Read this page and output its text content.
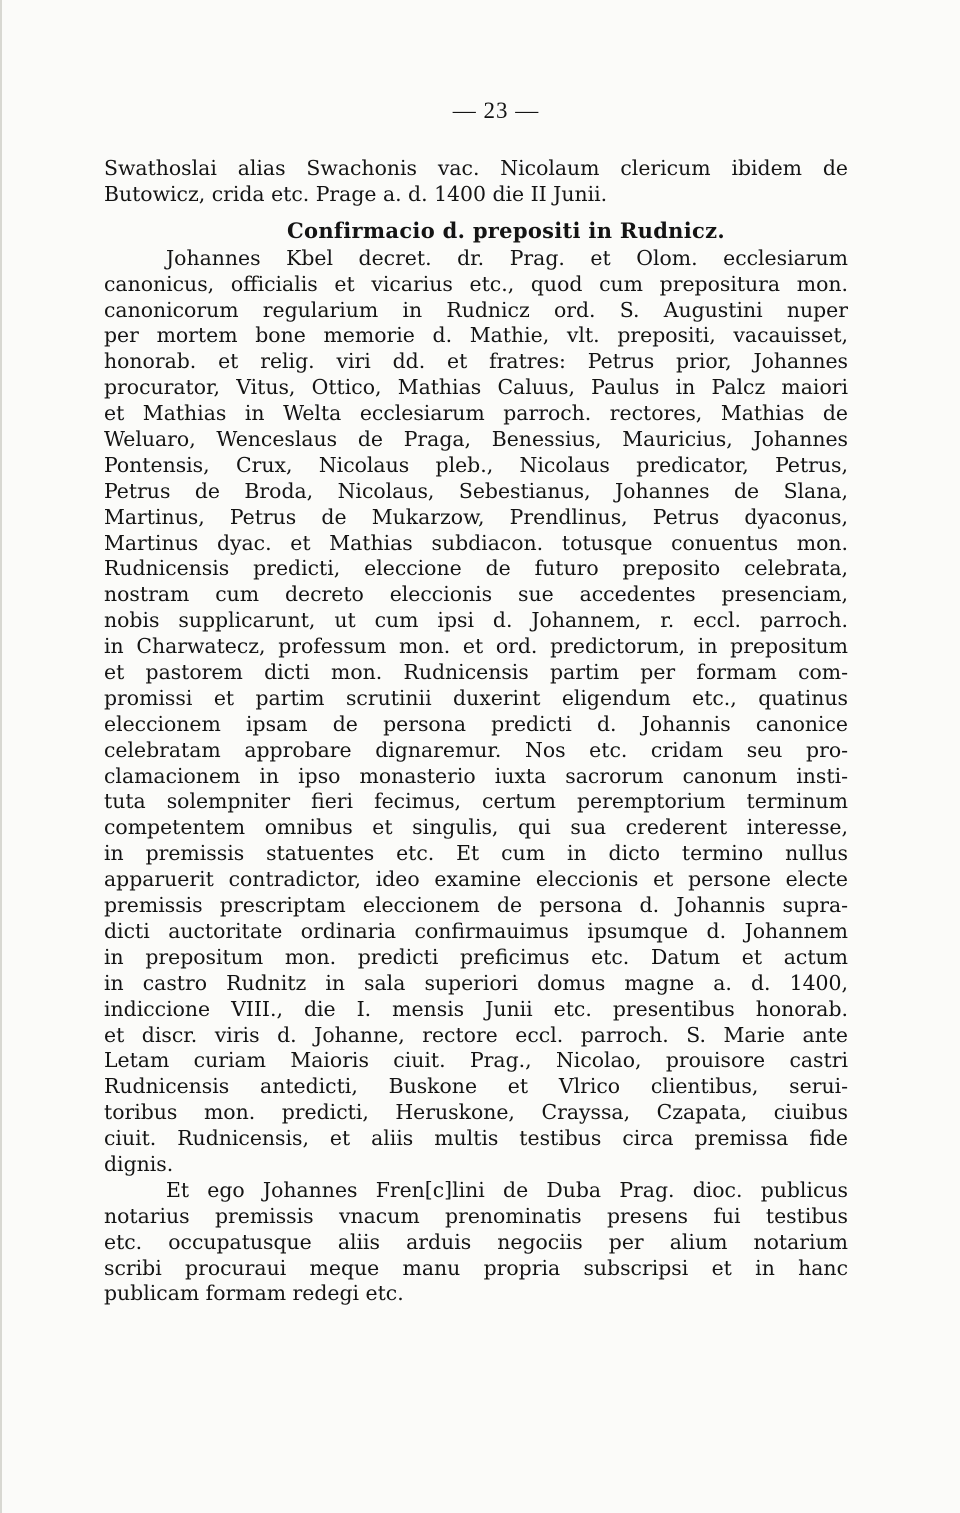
— 23 —
Swathoslai alias Swachonis vac. Nicolaum clericum ibidem de
Butowicz, crida etc. Prage a. d. 1400 die II Junii.
Confirmacio d. prepositi in Rudnicz.
Johannes Kbel decret. dr. Prag. et Olom. ecclesiarum
canonicus, officialis et vicarius etc., quod cum prepositura mon.
canonicorum regularium in Rudnicz ord. S. Augustini nuper
per mortem bone memorie d. Mathie, vlt. prepositi, vacauisset,
honorab. et relig. viri dd. et fratres: Petrus prior, Johannes
procurator, Vitus, Ottico, Mathias Caluus, Paulus in Palcz maiori
et Mathias in Welta ecclesiarum parroch. rectores, Mathias de
Weluaro, Wenceslaus de Praga, Benessius, Mauricius, Johannes
Pontensis, Crux, Nicolaus pleb., Nicolaus predicator, Petrus,
Petrus de Broda, Nicolaus, Sebestianus, Johannes de Slana,
Martinus, Petrus de Mukarzow, Prendlinus, Petrus dyaconus,
Martinus dyac. et Mathias subdiacon. totusque conuentus mon.
Rudnicensis predicti, eleccione de futuro preposito celebrata,
nostram cum decreto eleccionis sue accedentes presenciam,
nobis supplicarunt, ut cum ipsi d. Johannem, r. eccl. parroch.
in Charwatecz, professum mon. et ord. predictorum, in prepositum
et pastorem dicti mon. Rudnicensis partim per formam com-
promissi et partim scrutinii duxerint eligendum etc., quatinus
eleccionem ipsam de persona predicti d. Johannis canonice
celebratam approbare dignaremur. Nos etc. cridam seu pro-
clamacionem in ipso monasterio iuxta sacrorum canonum insti-
tuta solempniter fieri fecimus, certum peremptorium terminum
competentem omnibus et singulis, qui sua crederent interesse,
in premissis statuentes etc. Et cum in dicto termino nullus
apparuerit contradictor, ideo examine eleccionis et persone electe
premissis prescriptam eleccionem de persona d. Johannis supra-
dicti auctoritate ordinaria confirmauimus ipsumque d. Johannem
in prepositum mon. predicti preficimus etc. Datum et actum
in castro Rudnitz in sala superiori domus magne a. d. 1400,
indiccione VIII., die I. mensis Junii etc. presentibus honorab.
et discr. viris d. Johanne, rectore eccl. parroch. S. Marie ante
Letam curiam Maioris ciuit. Prag., Nicolao, prouisore castri
Rudnicensis antedicti, Buskone et Vlrico clientibus, serui-
toribus mon. predicti, Heruskone, Crayssa, Czapata, ciuibus
ciuit. Rudnicensis, et aliis multis testibus circa premissa fide
dignis.
Et ego Johannes Fren[c]lini de Duba Prag. dioc. publicus
notarius premissis vnacum prenominatis presens fui testibus
etc. occupatusque aliis arduis negociis per alium notarium
scribi procuraui meque manu propria subscripsi et in hanc
publicam formam redegi etc.
